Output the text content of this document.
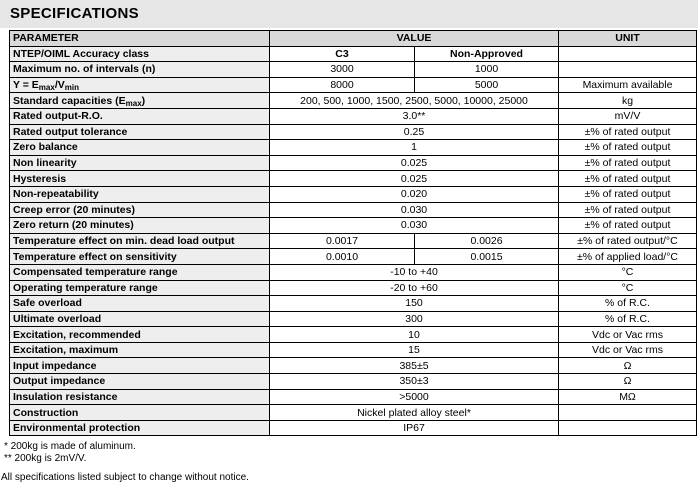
SPECIFICATIONS
PARAMETER	VALUE		UNIT
NTEP/OIML Accuracy class	C3	Non-Approved	
Maximum no. of intervals (n)	3000	1000	
$Y = E_{max}/V_{min}$	8000	5000	Maximum available
Standard capacities $(E_{max})$	200, 500, 1000, 1500, 2500, 5000, 10000, 25000		kg
Rated output-R.O.	3.0**		mV/V
Rated output tolerance	0.25		±% of rated output
Zero balance	1		±% of rated output
Non linearity	0.025		±% of rated output
Hysteresis	0.025		±% of rated output
Non-repeatability	0.020		±% of rated output
Creep error (20 minutes)	0.030		±% of rated output
Zero return (20 minutes)	0.030		±% of rated output
Temperature effect on min. dead load output	0.0017	0.0026	±% of rated output/°C
Temperature effect on sensitivity	0.0010	0.0015	±% of applied load/°C
Compensated temperature range	-10 to +40		°C
Operating temperature range	-20 to +60		°C
Safe overload	150		% of R.C.
Ultimate overload	300		% of R.C.
Excitation, recommended	10		Vdc or Vac rms
Excitation, maximum	15		Vdc or Vac rms
Input impedance	385±5		Ω
Output impedance	350±3		Ω
Insulation resistance	>5000		MΩ
Construction	Nickel plated alloy steel*		
Environmental protection	IP67		
* 200kg is made of aluminum.
** 200kg is 2mV/V.
All specifications listed subject to change without notice.
